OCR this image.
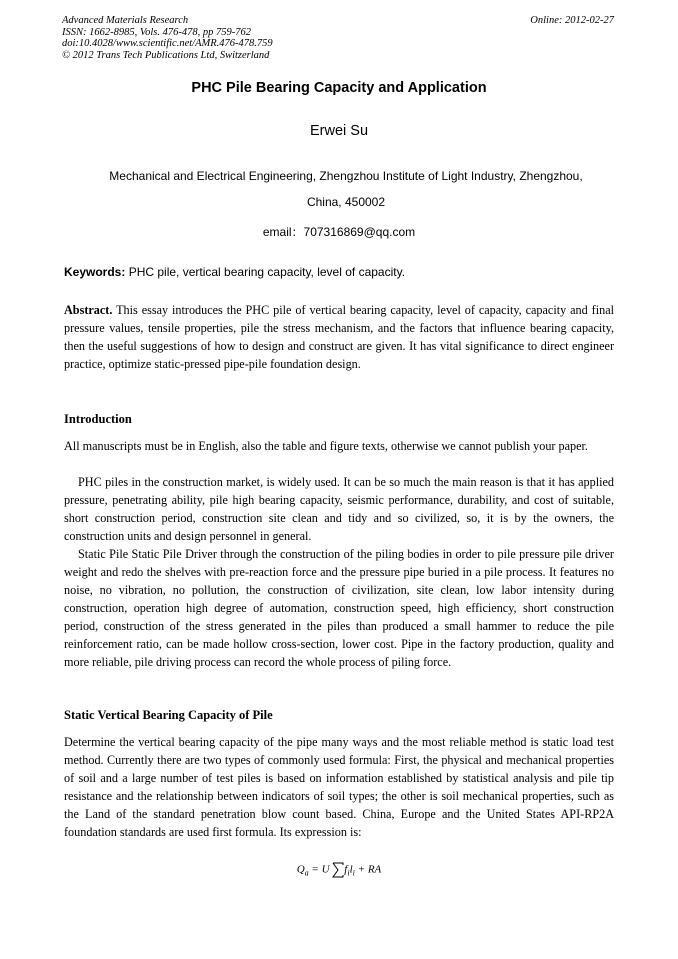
Advanced Materials Research
ISSN: 1662-8985, Vols. 476-478, pp 759-762
doi:10.4028/www.scientific.net/AMR.476-478.759
© 2012 Trans Tech Publications Ltd, Switzerland
Online: 2012-02-27
PHC Pile Bearing Capacity and Application
Erwei Su
Mechanical and Electrical Engineering, Zhengzhou Institute of Light Industry, Zhengzhou,
China, 450002
email：707316869@qq.com
Keywords: PHC pile, vertical bearing capacity, level of capacity.
Abstract. This essay introduces the PHC pile of vertical bearing capacity, level of capacity, capacity and final pressure values, tensile properties, pile the stress mechanism, and the factors that influence bearing capacity, then the useful suggestions of how to design and construct are given. It has vital significance to direct engineer practice, optimize static-pressed pipe-pile foundation design.
Introduction
All manuscripts must be in English, also the table and figure texts, otherwise we cannot publish your paper.
PHC piles in the construction market, is widely used. It can be so much the main reason is that it has applied pressure, penetrating ability, pile high bearing capacity, seismic performance, durability, and cost of suitable, short construction period, construction site clean and tidy and so civilized, so, it is by the owners, the construction units and design personnel in general.
Static Pile Static Pile Driver through the construction of the piling bodies in order to pile pressure pile driver weight and redo the shelves with pre-reaction force and the pressure pipe buried in a pile process. It features no noise, no vibration, no pollution, the construction of civilization, site clean, low labor intensity during construction, operation high degree of automation, construction speed, high efficiency, short construction period, construction of the stress generated in the piles than produced a small hammer to reduce the pile reinforcement ratio, can be made hollow cross-section, lower cost. Pipe in the factory production, quality and more reliable, pile driving process can record the whole process of piling force.
Static Vertical Bearing Capacity of Pile
Determine the vertical bearing capacity of the pipe many ways and the most reliable method is static load test method. Currently there are two types of commonly used formula: First, the physical and mechanical properties of soil and a large number of test piles is based on information established by statistical analysis and pile tip resistance and the relationship between indicators of soil types; the other is soil mechanical properties, such as the Land of the standard penetration blow count based. China, Europe and the United States API-RP2A foundation standards are used first formula. Its expression is:
$Q_a = U$ $f_il_i$ + RA
